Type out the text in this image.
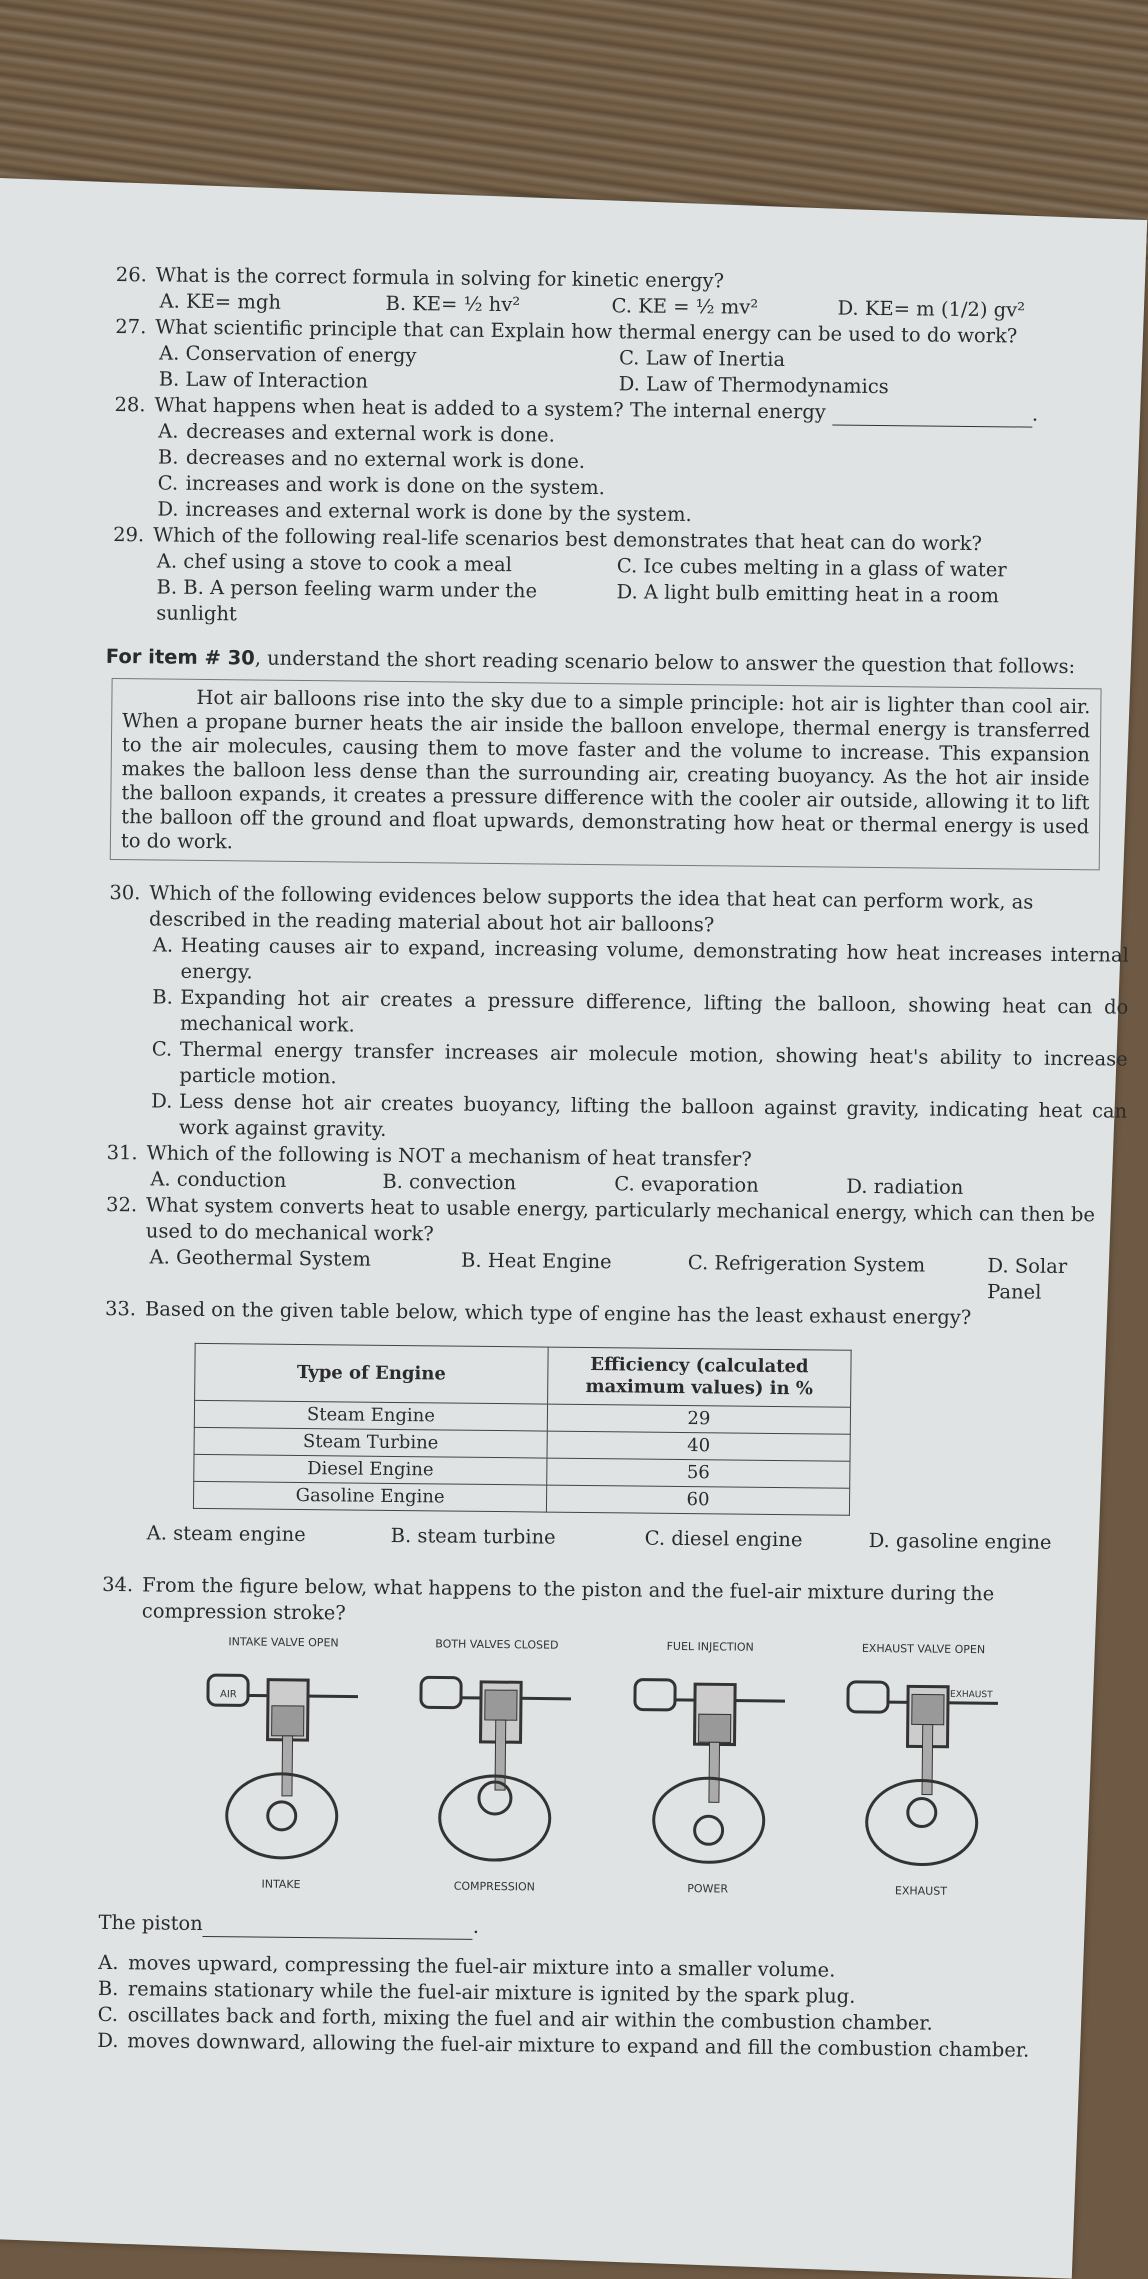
26. What is the correct formula in solving for kinetic energy?
A. KE= mgh	B. KE= ½ hv²	C. KE = ½ mv²	D. KE= m (1/2) gv²
27. What scientific principle that can Explain how thermal energy can be used to do work?
A. Conservation of energy	C. Law of Inertia
B. Law of Interaction	D. Law of Thermodynamics
28. What happens when heat is added to a system? The internal energy	.
A. decreases and external work is done.
B. decreases and no external work is done.
C. increases and work is done on the system.
D. increases and external work is done by the system.
29. Which of the following real-life scenarios best demonstrates that heat can do work?
A. chef using a stove to cook a meal	C. Ice cubes melting in a glass of water
B. B. A person feeling warm under the sunlight
D. A light bulb emitting heat in a room
For item # 30, understand the short reading scenario below to answer the question that follows:

Hot air balloons rise into the sky due to a simple principle: hot air is lighter than cool air. When a propane burner heats the air inside the balloon envelope, thermal energy is transferred to the air molecules, causing them to move faster and the volume to increase. This expansion makes the balloon less dense than the surrounding air, creating buoyancy. As the hot air inside the balloon expands, it creates a pressure difference with the cooler air outside, allowing it to lift the balloon off the ground and float upwards, demonstrating how heat or thermal energy is used to do work.

30. Which of the following evidences below supports the idea that heat can perform work, as described in the reading material about hot air balloons?
A. Heating causes air to expand, increasing volume, demonstrating how heat increases internal energy.
B. Expanding hot air creates a pressure difference, lifting the balloon, showing heat can do mechanical work.
C. Thermal energy transfer increases air molecule motion, showing heat's ability to increase particle motion.
D. Less dense hot air creates buoyancy, lifting the balloon against gravity, indicating heat can work against gravity.
31. Which of the following is NOT a mechanism of heat transfer?
A. conduction	B. convection	C. evaporation	D. radiation
32. What system converts heat to usable energy, particularly mechanical energy, which can then be used to do mechanical work?
A. Geothermal System	B. Heat Engine	C. Refrigeration System	D. Solar Panel
33. Based on the given table below, which type of engine has the least exhaust energy?
Type of Engine	Efficiency (calculated maximum values) in %
Steam Engine	29
Steam Turbine	40
Diesel Engine	56
Gasoline Engine	60
A. steam engine	B. steam turbine	C. diesel engine	D. gasoline engine
34. From the figure below, what happens to the piston and the fuel-air mixture during the compression stroke?
INTAKE VALVE OPEN
AIR
INTAKE
BOTH VALVES CLOSED
COMPRESSION
FUEL INJECTION
POWER
EXHAUST VALVE OPEN
EXHAUST
EXHAUST
The piston	.
A. moves upward, compressing the fuel-air mixture into a smaller volume.
B. remains stationary while the fuel-air mixture is ignited by the spark plug.
C. oscillates back and forth, mixing the fuel and air within the combustion chamber.
D. moves downward, allowing the fuel-air mixture to expand and fill the combustion chamber.
